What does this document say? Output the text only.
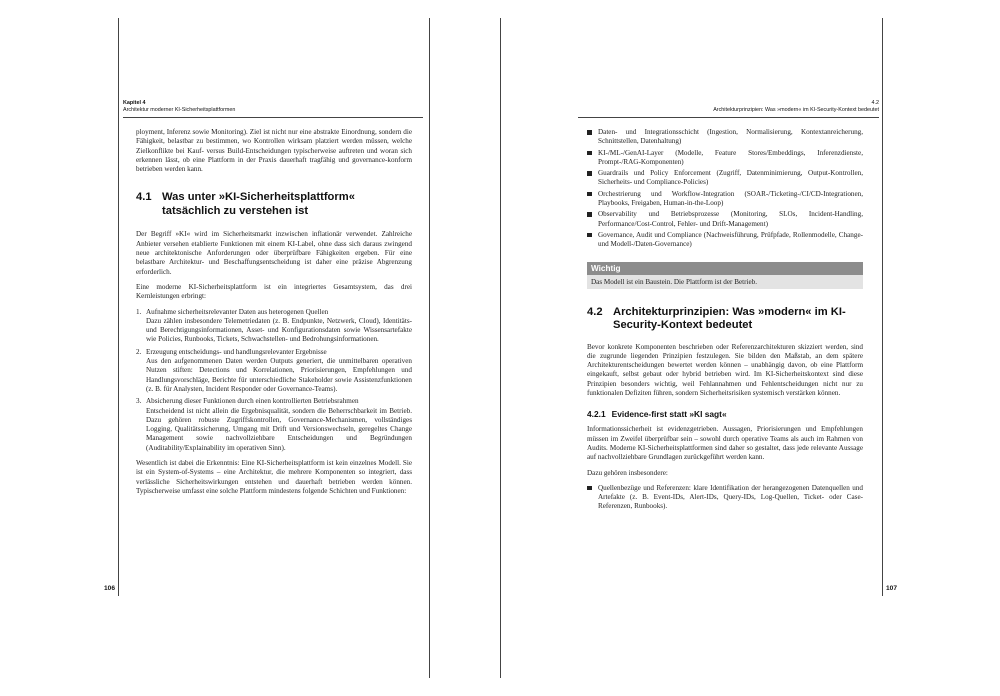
Kapitel 4
Architektur moderner KI-Sicherheitsplattformen
4.2
Architekturprinzipien: Was »modern« im KI-Security-Kontext bedeutet

ployment, Inferenz sowie Monitoring). Ziel ist nicht nur eine abstrakte Einordnung, sondern die Fähigkeit, belastbar zu bestimmen, wo Kontrollen wirksam platziert werden müssen, welche Zielkonflikte bei Kauf- versus Build-Entscheidungen typischerweise auftreten und woran sich erkennen lässt, ob eine Plattform in der Praxis dauerhaft tragfähig und governance-konform betrieben werden kann.

4.1 Was unter »KI-Sicherheitsplattform« tatsächlich zu verstehen ist

Der Begriff »KI« wird im Sicherheitsmarkt inzwischen inflationär verwendet. Zahlreiche Anbieter versehen etablierte Funktionen mit einem KI-Label, ohne dass sich daraus zwingend neue architektonische Anforderungen oder überprüfbare Fähigkeiten ergeben. Für eine belastbare Architektur- und Beschaffungsentscheidung ist daher eine präzise Abgrenzung erforderlich.

Eine moderne KI-Sicherheitsplattform ist ein integriertes Gesamtsystem, das drei Kernleistungen erbringt:

1. Aufnahme sicherheitsrelevanter Daten aus heterogenen Quellen

Dazu zählen insbesondere Telemetriedaten (z. B. Endpunkte, Netzwerk, Cloud), Identitäts- und Berechtigungsinformationen, Asset- und Konfigurationsdaten sowie Wissensartefakte wie Policies, Runbooks, Tickets, Schwachstellen- und Bedrohungsinformationen.

2. Erzeugung entscheidungs- und handlungsrelevanter Ergebnisse

Aus den aufgenommenen Daten werden Outputs generiert, die unmittelbaren operativen Nutzen stiften: Detections und Korrelationen, Priorisierungen, Empfehlungen und Handlungsvorschläge, Berichte für unterschiedliche Stakeholder sowie Assistenzfunktionen (z. B. für Analysten, Incident Responder oder Governance-Teams).

3. Absicherung dieser Funktionen durch einen kontrollierten Betriebsrahmen

Entscheidend ist nicht allein die Ergebnisqualität, sondern die Beherrschbarkeit im Betrieb. Dazu gehören robuste Zugriffskontrollen, Governance-Mechanismen, vollständiges Logging, Qualitätssicherung, Umgang mit Drift und Versionswechseln, geregeltes Change Management sowie nachvollziehbare Entscheidungen und Begründungen (Auditability/Explainability im operativen Sinn).

Wesentlich ist dabei die Erkenntnis: Eine KI-Sicherheitsplattform ist kein einzelnes Modell. Sie ist ein System-of-Systems – eine Architektur, die mehrere Komponenten so integriert, dass verlässliche Sicherheitswirkungen entstehen und dauerhaft betrieben werden können. Typischerweise umfasst eine solche Plattform mindestens folgende Schichten und Funktionen:

106
Daten- und Integrationsschicht (Ingestion, Normalisierung, Kontextanreicherung, Schnittstellen, Datenhaltung)
KI-/ML-/GenAI-Layer (Modelle, Feature Stores/Embeddings, Inferenzdienste, Prompt-/RAG-Komponenten)
Guardrails und Policy Enforcement (Zugriff, Datenminimierung, Output-Kontrollen, Sicherheits- und Compliance-Policies)
Orchestrierung und Workflow-Integration (SOAR-/Ticketing-/CI/CD-Integrationen, Playbooks, Freigaben, Human-in-the-Loop)
Observability und Betriebsprozesse (Monitoring, SLOs, Incident-Handling, Performance/Cost-Control, Fehler- und Drift-Management)
Governance, Audit und Compliance (Nachweisführung, Prüfpfade, Rollenmodelle, Change- und Modell-/Daten-Governance)
Wichtig
Das Modell ist ein Baustein. Die Plattform ist der Betrieb.
4.2 Architekturprinzipien: Was »modern« im KI-Security-Kontext bedeutet

Bevor konkrete Komponenten beschrieben oder Referenzarchitekturen skizziert werden, sind die zugrunde liegenden Prinzipien festzulegen. Sie bilden den Maßstab, an dem spätere Architekturentscheidungen bewertet werden können – unabhängig davon, ob eine Plattform eingekauft, selbst gebaut oder hybrid betrieben wird. Im KI-Sicherheitskontext sind diese Prinzipien besonders wichtig, weil Fehlannahmen und Fehlentscheidungen nicht nur zu funktionalen Defiziten führen, sondern Sicherheitsrisiken systemisch verstärken können.

4.2.1 Evidence-first statt »KI sagt«

Informationssicherheit ist evidenzgetrieben. Aussagen, Priorisierungen und Empfehlungen müssen im Zweifel überprüfbar sein – sowohl durch operative Teams als auch im Rahmen von Audits. Moderne KI-Sicherheitsplattformen sind daher so gestaltet, dass jede relevante Aussage auf nachvollziehbare Grundlagen zurückgeführt werden kann.

Dazu gehören insbesondere:

Quellenbezüge und Referenzen: klare Identifikation der herangezogenen Datenquellen und Artefakte (z. B. Event-IDs, Alert-IDs, Query-IDs, Log-Quellen, Ticket- oder Case-Referenzen, Runbooks).
107
